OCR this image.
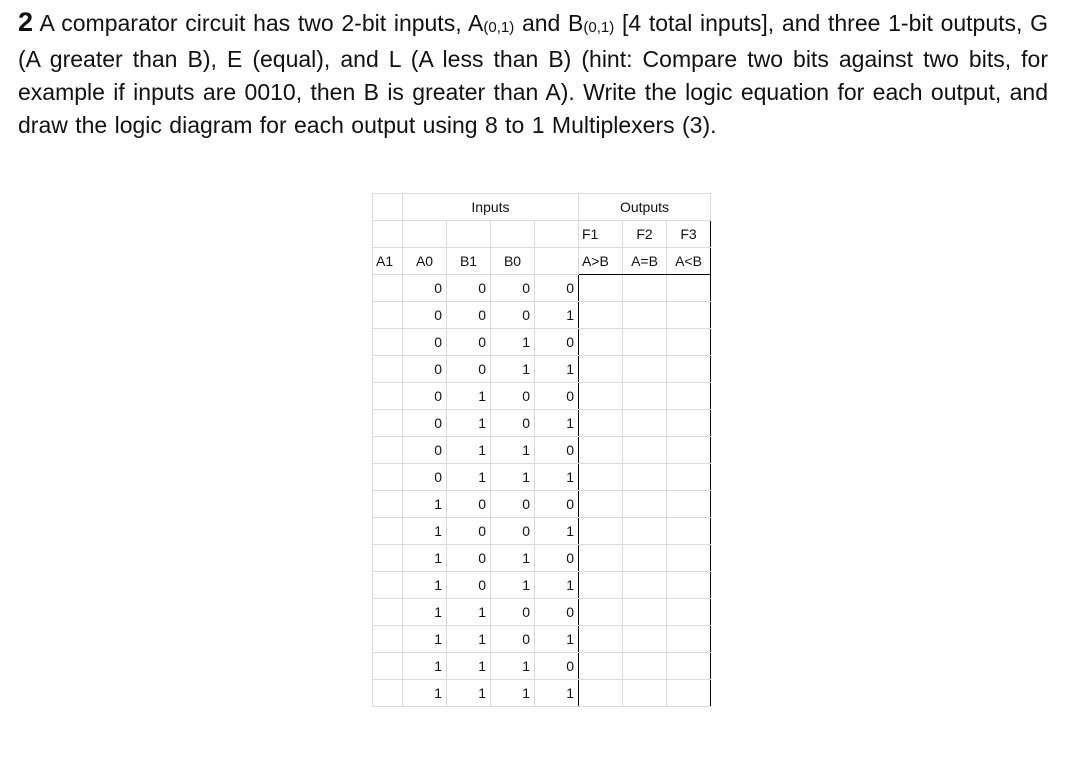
2 A comparator circuit has two 2-bit inputs, $A_{(0,1)}$ and $B_{(0,1)}$ [4 total inputs], and three 1-bit outputs, G (A greater than B), E (equal), and L (A less than B) (hint: Compare two bits against two bits, for example if inputs are 0010, then B is greater than A). Write the logic equation for each output, and draw the logic diagram for each output using 8 to 1 Multiplexers (3).

	Inputs				Outputs		
					F1	F2	F3
A1	A0	B1	B0		A>B	A=B	A<B
	0	0	0	0			
	0	0	0	1			
	0	0	1	0			
	0	0	1	1			
	0	1	0	0			
	0	1	0	1			
	0	1	1	0			
	0	1	1	1			
	1	0	0	0			
	1	0	0	1			
	1	0	1	0			
	1	0	1	1			
	1	1	0	0			
	1	1	0	1			
	1	1	1	0			
	1	1	1	1			
